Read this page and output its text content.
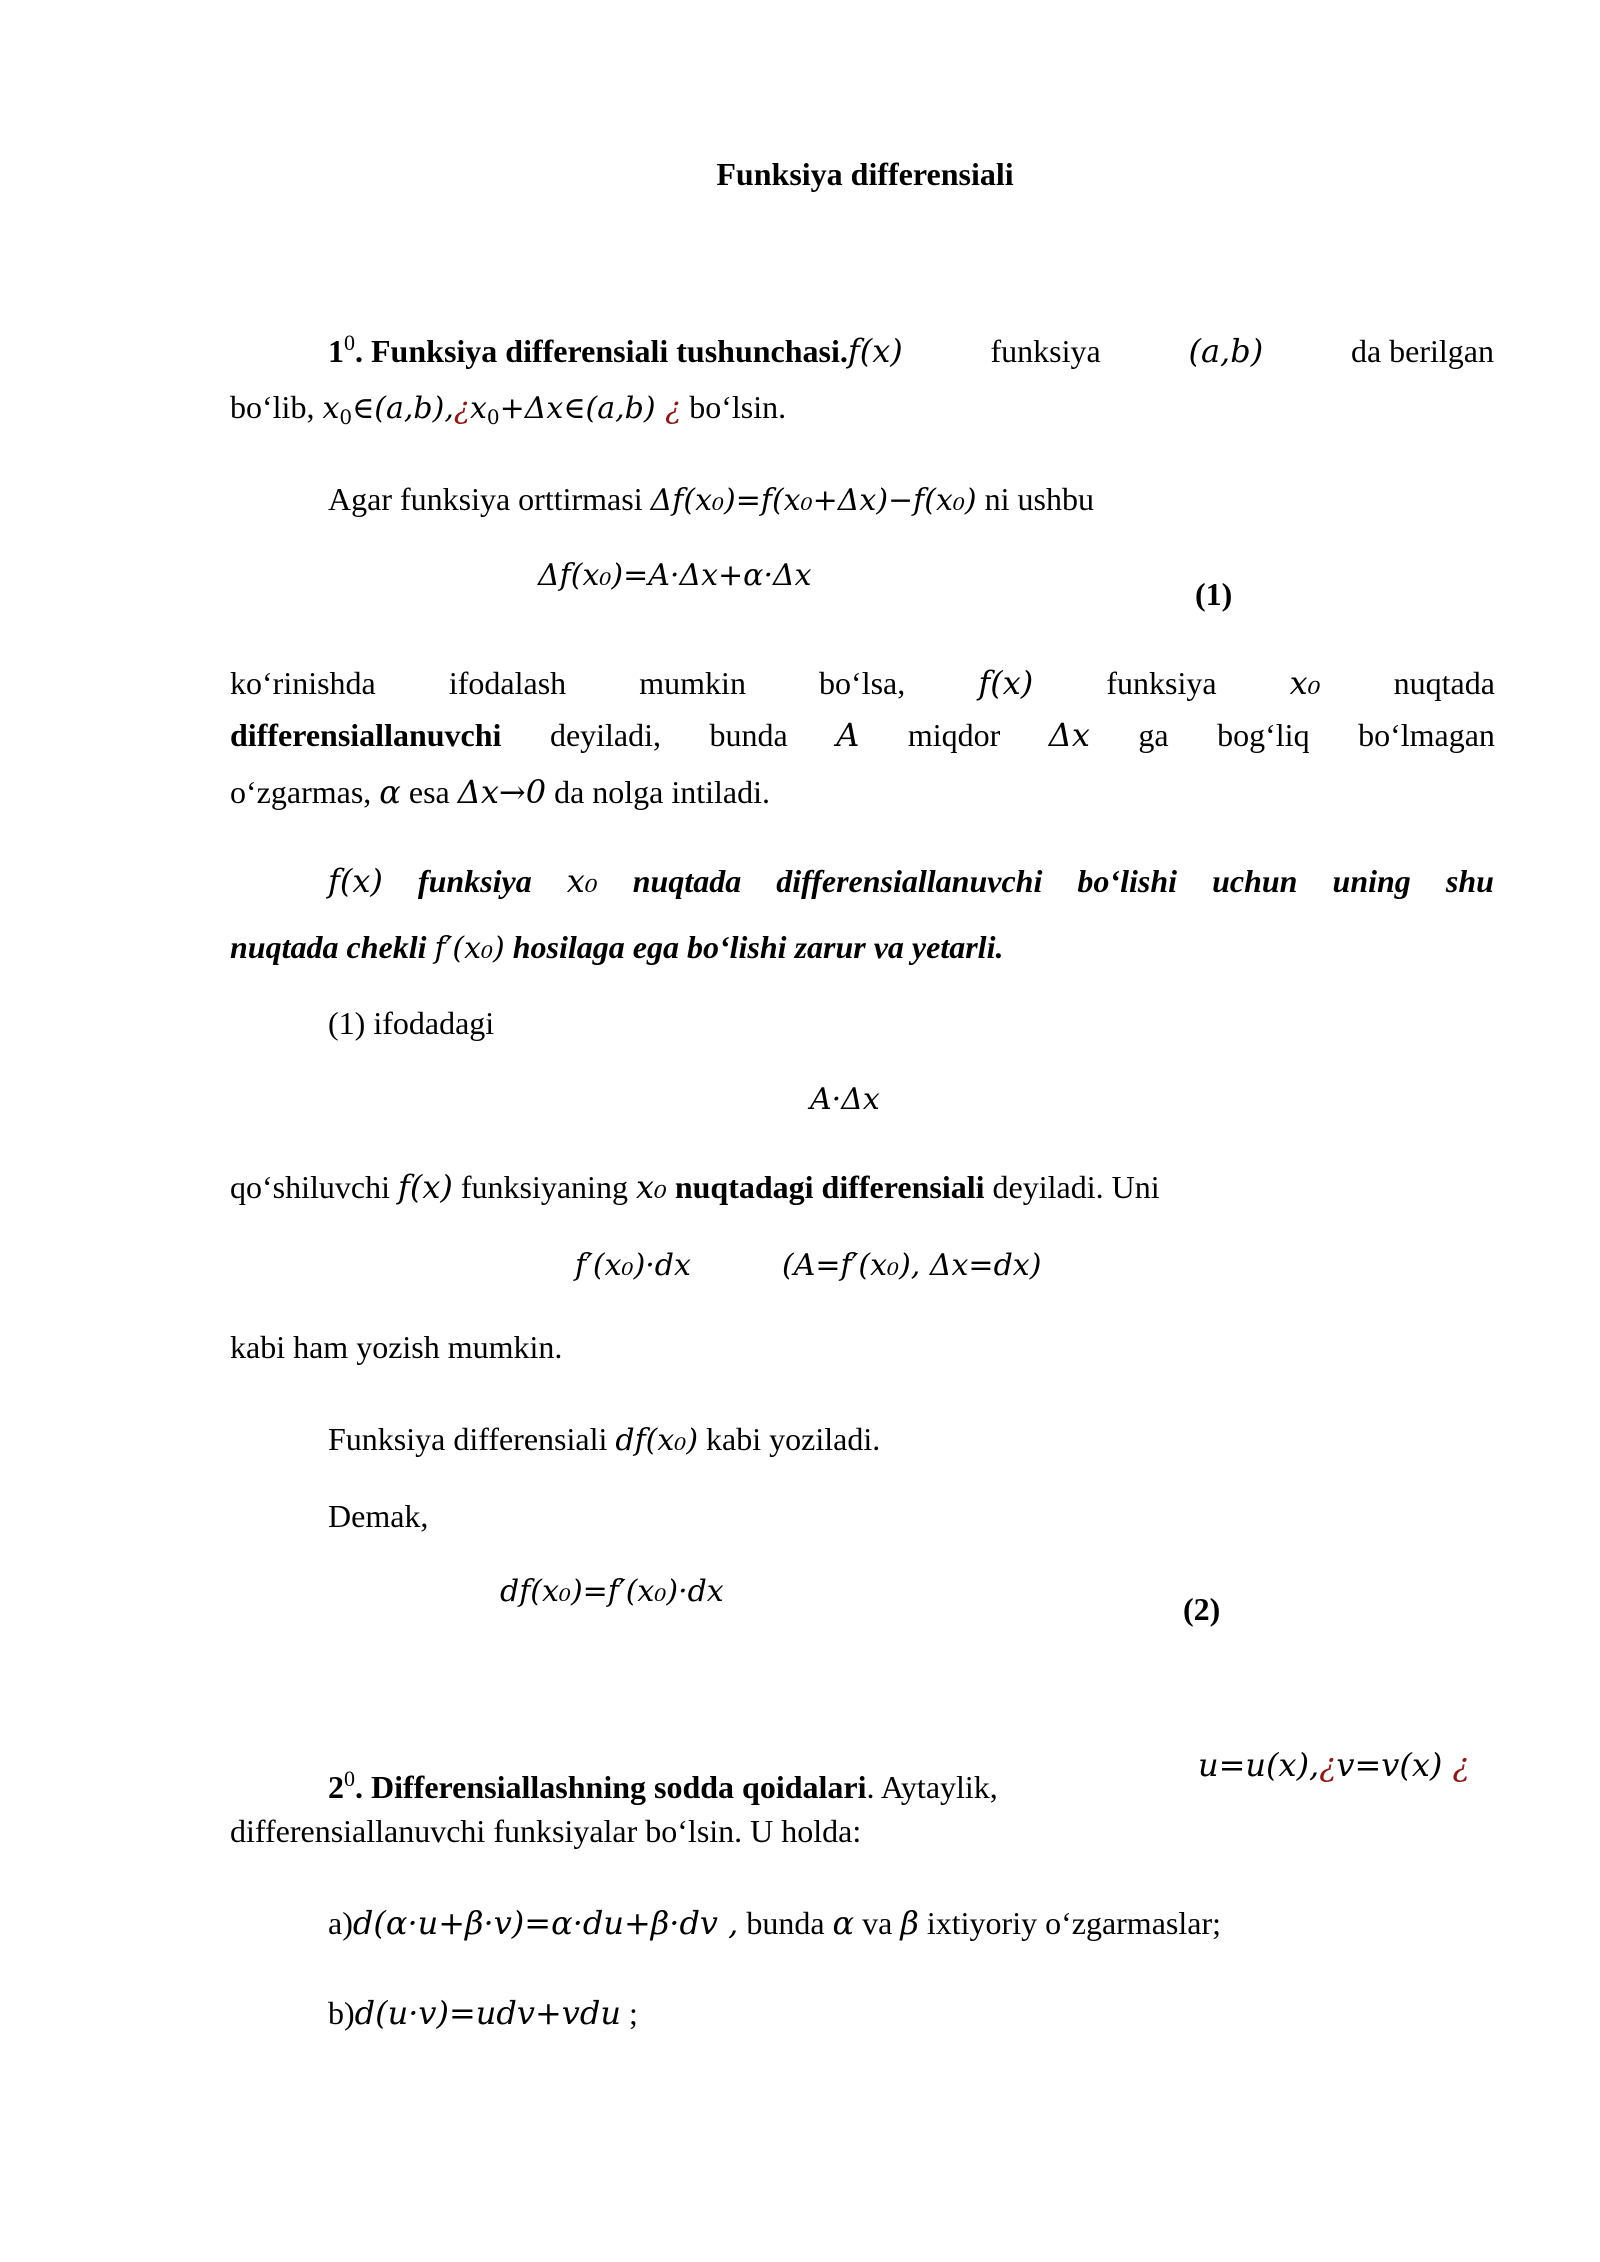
Funksiya differensiali
$1^0$. Funksiya differensiali tushunchasi.f(x)	funksiya	(a,b)	da berilgan
bo‘lib, $x_0\in(a,b),¿x_0+\Delta x\in(a,b)$ ¿ bo‘lsin.
Agar funksiya orttirmasi Δf(x₀)=f(x₀+Δx)−f(x₀) ni ushbu
Δf(x₀)=A·Δx+α·Δx
(1)
ko‘rinishda ifodalash mumkin bo‘lsa, f(x) funksiya x₀ nuqtada
differensiallanuvchi deyiladi, bunda A miqdor Δx ga bog‘liq bo‘lmagan
o‘zgarmas, α esa Δx→0 da nolga intiladi.
f(x) funksiya x₀ nuqtada differensiallanuvchi bo‘lishi uchun uning shu
nuqtada chekli f′(x₀) hosilaga ega bo‘lishi zarur va yetarli.
(1) ifodadagi
A·Δx
qo‘shiluvchi f(x) funksiyaning x₀ nuqtadagi differensiali deyiladi. Uni
f′(x₀)·dx	(A=f′(x₀), Δx=dx)
kabi ham yozish mumkin.
Funksiya differensiali df(x₀) kabi yoziladi.
Demak,
df(x₀)=f′(x₀)·dx	(2)
$2^0$. Differensiallashning sodda qoidalari. Aytaylik,
u=u(x),¿v=v(x) ¿
differensiallanuvchi funksiyalar bo‘lsin. U holda:
a)d(α·u+β·v)=α·du+β·dv , bunda α va β ixtiyoriy o‘zgarmaslar;
b)d(u·v)=udv+vdu ;
